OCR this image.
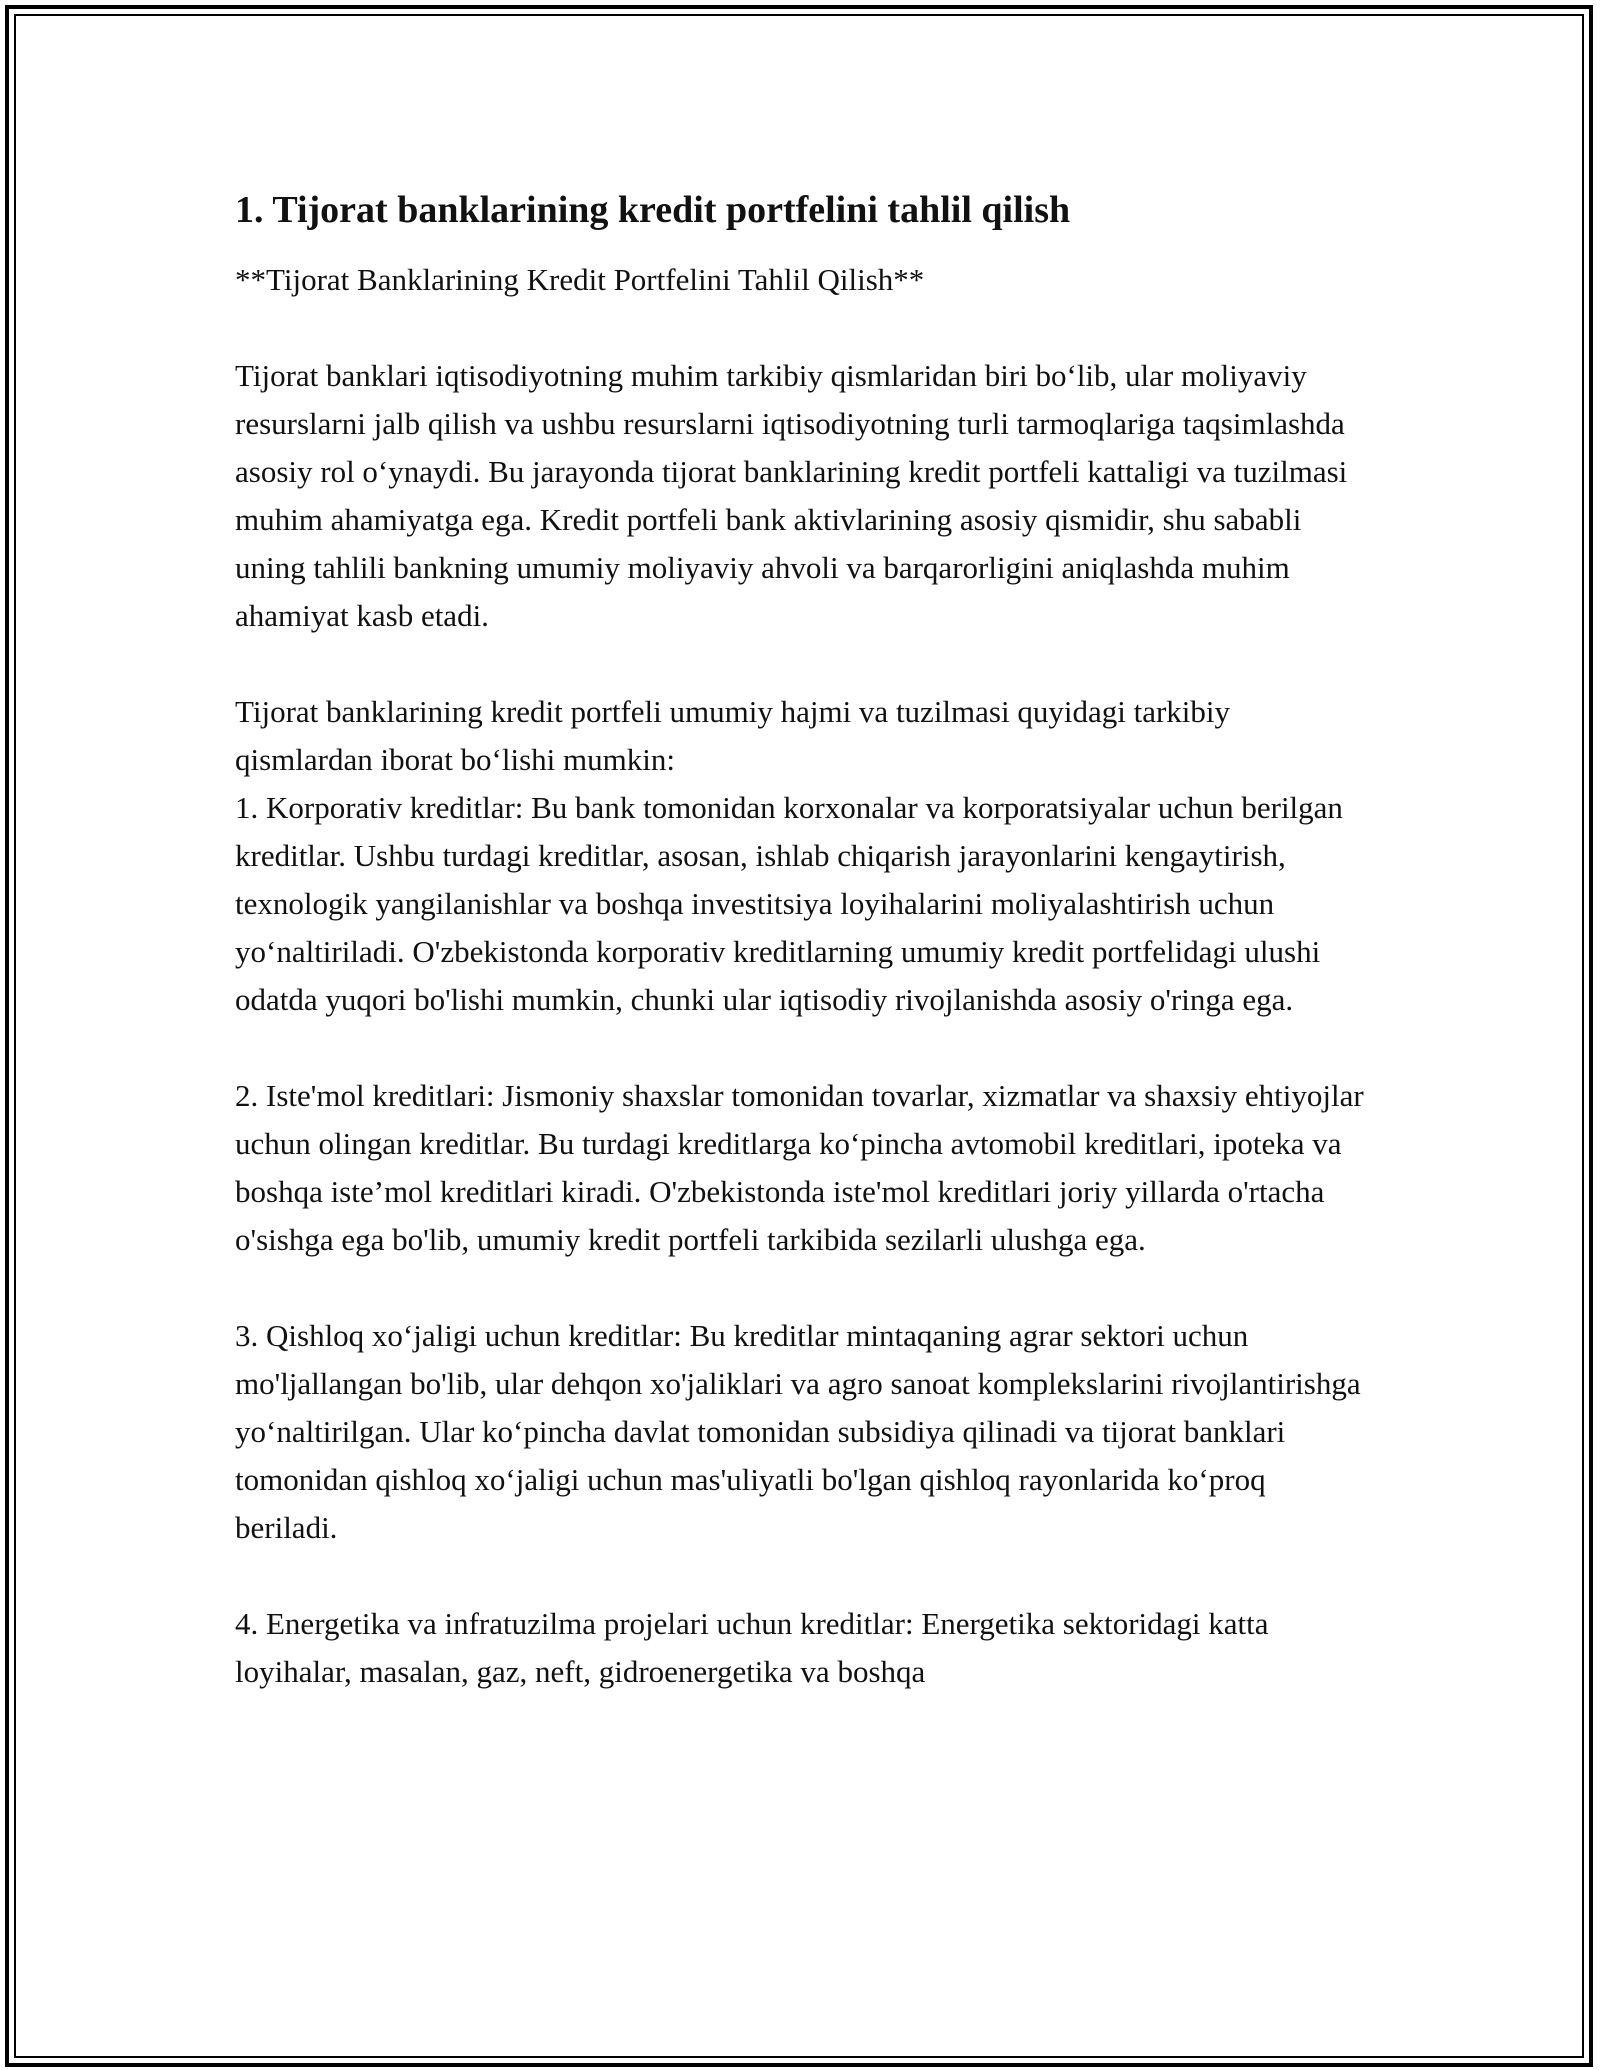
1. Tijorat banklarining kredit portfelini tahlil qilish

**Tijorat Banklarining Kredit Portfelini Tahlil Qilish**

Tijorat banklari iqtisodiyotning muhim tarkibiy qismlaridan biri bo‘lib, ular moliyaviy resurslarni jalb qilish va ushbu resurslarni iqtisodiyotning turli tarmoqlariga taqsimlashda asosiy rol o‘ynaydi. Bu jarayonda tijorat banklarining kredit portfeli kattaligi va tuzilmasi muhim ahamiyatga ega. Kredit portfeli bank aktivlarining asosiy qismidir, shu sababli uning tahlili bankning umumiy moliyaviy ahvoli va barqarorligini aniqlashda muhim ahamiyat kasb etadi.

Tijorat banklarining kredit portfeli umumiy hajmi va tuzilmasi quyidagi tarkibiy qismlardan iborat bo‘lishi mumkin:

1. Korporativ kreditlar: Bu bank tomonidan korxonalar va korporatsiyalar uchun berilgan kreditlar. Ushbu turdagi kreditlar, asosan, ishlab chiqarish jarayonlarini kengaytirish, texnologik yangilanishlar va boshqa investitsiya loyihalarini moliyalashtirish uchun yo‘naltiriladi. O'zbekistonda korporativ kreditlarning umumiy kredit portfelidagi ulushi odatda yuqori bo'lishi mumkin, chunki ular iqtisodiy rivojlanishda asosiy o'ringa ega.

2. Iste'mol kreditlari: Jismoniy shaxslar tomonidan tovarlar, xizmatlar va shaxsiy ehtiyojlar uchun olingan kreditlar. Bu turdagi kreditlarga ko‘pincha avtomobil kreditlari, ipoteka va boshqa iste’mol kreditlari kiradi. O'zbekistonda iste'mol kreditlari joriy yillarda o'rtacha o'sishga ega bo'lib, umumiy kredit portfeli tarkibida sezilarli ulushga ega.

3. Qishloq xo‘jaligi uchun kreditlar: Bu kreditlar mintaqaning agrar sektori uchun mo'ljallangan bo'lib, ular dehqon xo'jaliklari va agro sanoat komplekslarini rivojlantirishga yo‘naltirilgan. Ular ko‘pincha davlat tomonidan subsidiya qilinadi va tijorat banklari tomonidan qishloq xo‘jaligi uchun mas'uliyatli bo'lgan qishloq rayonlarida ko‘proq beriladi.

4. Energetika va infratuzilma projelari uchun kreditlar: Energetika sektoridagi katta loyihalar, masalan, gaz, neft, gidroenergetika va boshqa
